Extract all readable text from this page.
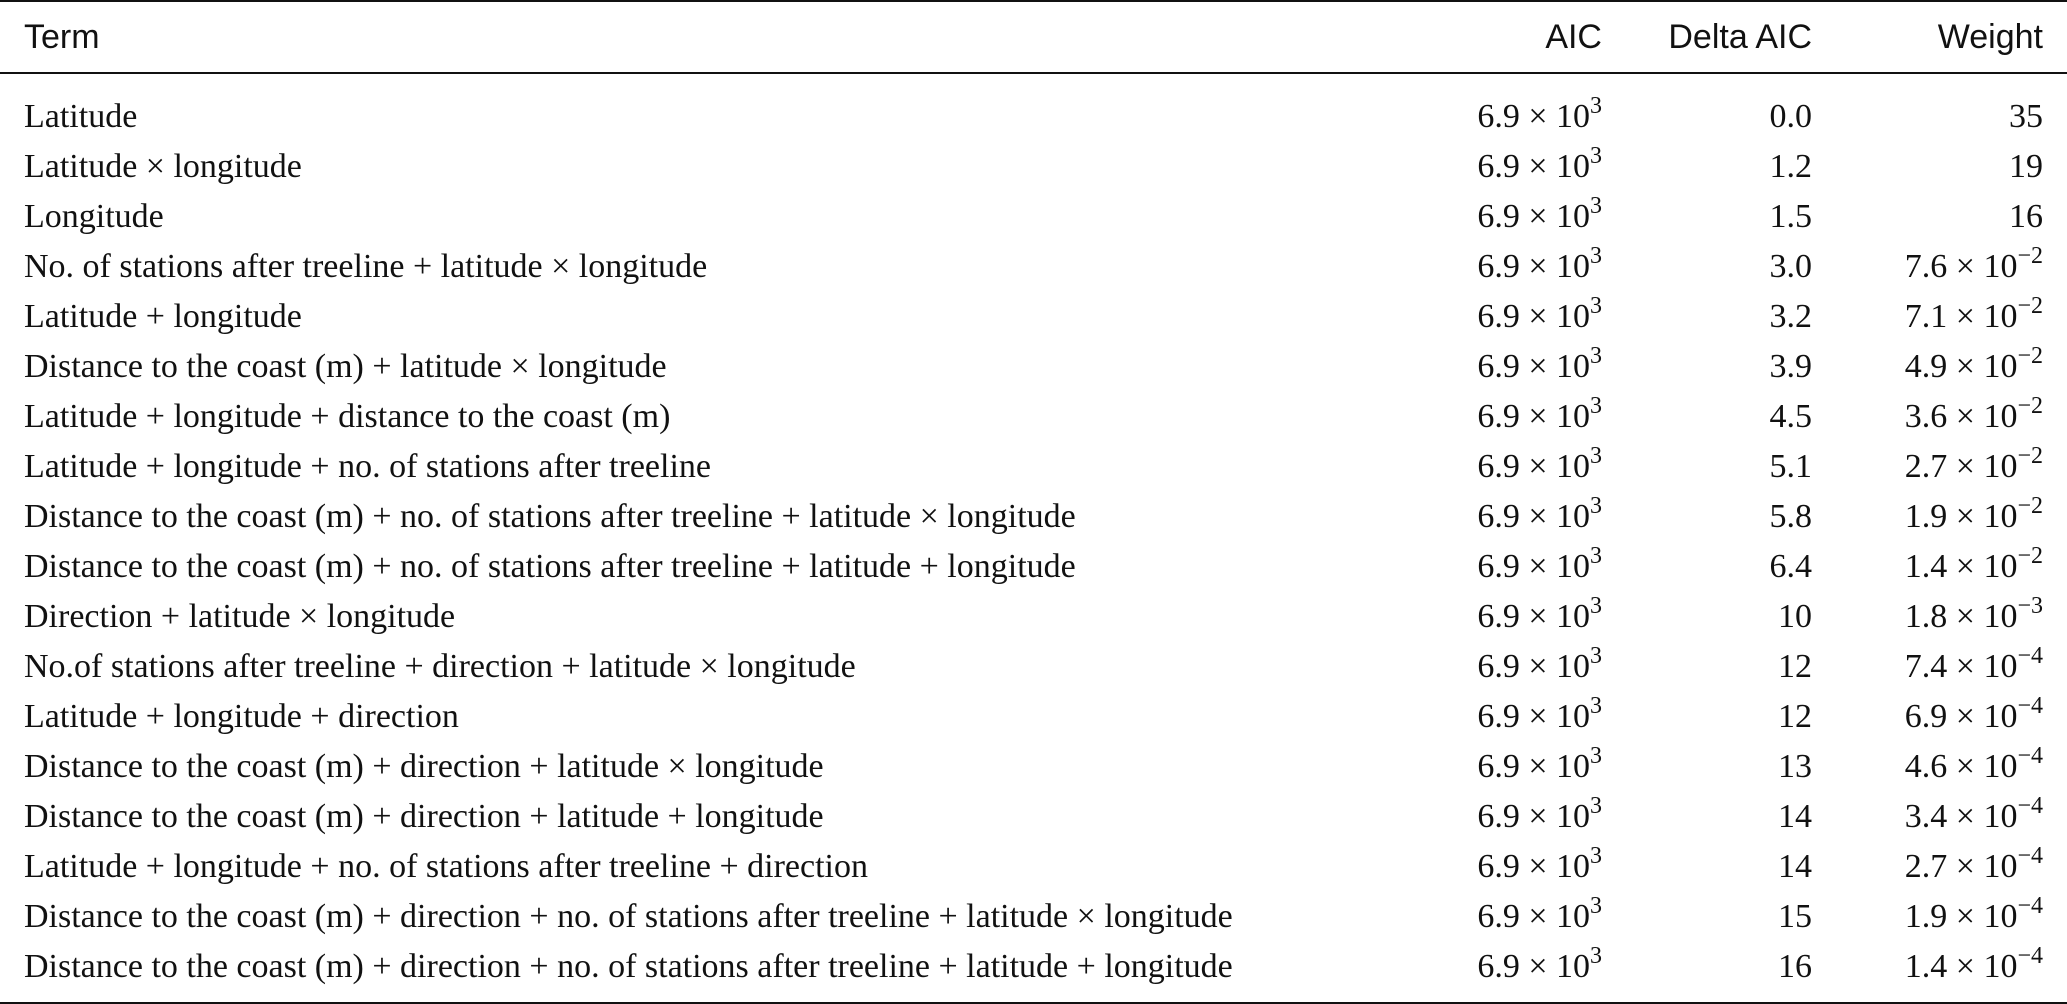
Term	AIC	Delta AIC	Weight
Latitude	$6.9 \times 10^3$	0.0	35
Latitude × longitude	$6.9 \times 10^3$	1.2	19
Longitude	$6.9 \times 10^3$	1.5	16
No. of stations after treeline + latitude × longitude	$6.9 \times 10^3$	3.0	$7.6 \times 10^{-2}$
Latitude + longitude	$6.9 \times 10^3$	3.2	$7.1 \times 10^{-2}$
Distance to the coast (m) + latitude × longitude	$6.9 \times 10^3$	3.9	$4.9 \times 10^{-2}$
Latitude + longitude + distance to the coast (m)	$6.9 \times 10^3$	4.5	$3.6 \times 10^{-2}$
Latitude + longitude + no. of stations after treeline	$6.9 \times 10^3$	5.1	$2.7 \times 10^{-2}$
Distance to the coast (m) + no. of stations after treeline + latitude × longitude	$6.9 \times 10^3$	5.8	$1.9 \times 10^{-2}$
Distance to the coast (m) + no. of stations after treeline + latitude + longitude	$6.9 \times 10^3$	6.4	$1.4 \times 10^{-2}$
Direction + latitude × longitude	$6.9 \times 10^3$	10	$1.8 \times 10^{-3}$
No.of stations after treeline + direction + latitude × longitude	$6.9 \times 10^3$	12	$7.4 \times 10^{-4}$
Latitude + longitude + direction	$6.9 \times 10^3$	12	$6.9 \times 10^{-4}$
Distance to the coast (m) + direction + latitude × longitude	$6.9 \times 10^3$	13	$4.6 \times 10^{-4}$
Distance to the coast (m) + direction + latitude + longitude	$6.9 \times 10^3$	14	$3.4 \times 10^{-4}$
Latitude + longitude + no. of stations after treeline + direction	$6.9 \times 10^3$	14	$2.7 \times 10^{-4}$
Distance to the coast (m) + direction + no. of stations after treeline + latitude × longitude	$6.9 \times 10^3$	15	$1.9 \times 10^{-4}$
Distance to the coast (m) + direction + no. of stations after treeline + latitude + longitude	$6.9 \times 10^3$	16	$1.4 \times 10^{-4}$
